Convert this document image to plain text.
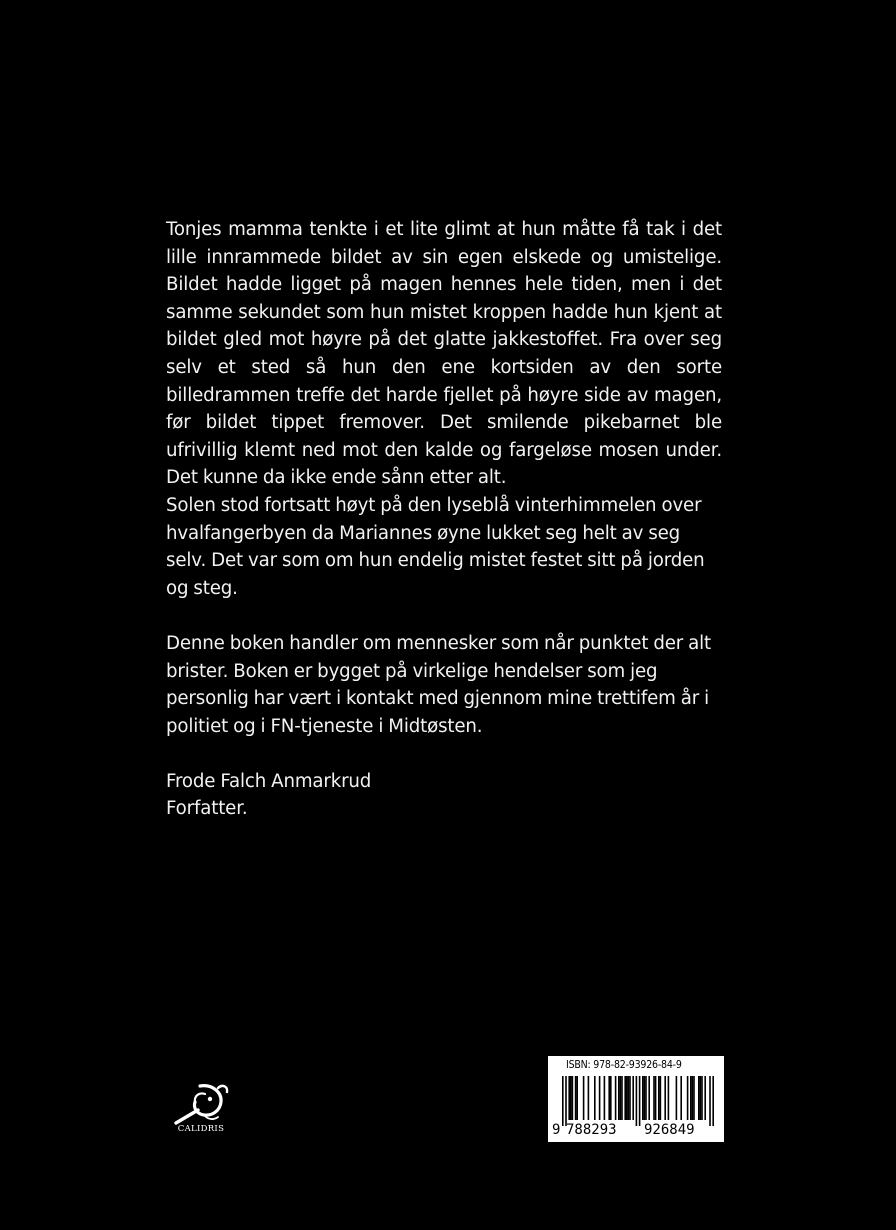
Tonjes mamma tenkte i et lite glimt at hun måtte få tak i det lille innrammede bildet av sin egen elskede og umistelige. Bildet hadde ligget på magen hennes hele tiden, men i det samme sekundet som hun mistet kroppen hadde hun kjent at bildet gled mot høyre på det glatte jakkestoffet. Fra over seg selv et sted så hun den ene kortsiden av den sorte billedrammen treffe det harde fjellet på høyre side av magen, før bildet tippet fremover. Det smilende pikebarnet ble ufrivillig klemt ned mot den kalde og fargeløse mosen under. Det kunne da ikke ende sånn etter alt.

Solen stod fortsatt høyt på den lyseblå vinterhimmelen over hvalfangerbyen da Mariannes øyne lukket seg helt av seg selv. Det var som om hun endelig mistet festet sitt på jorden og steg.

Denne boken handler om mennesker som når punktet der alt brister. Boken er bygget på virkelige hendelser som jeg personlig har vært i kontakt med gjennom mine trettifem år i politiet og i FN-tjeneste i Midtøsten.

Frode Falch Anmarkrud

Forfatter.

CALIDRIS
ISBN: 978-82-93926-84-9
9 788293 926849
